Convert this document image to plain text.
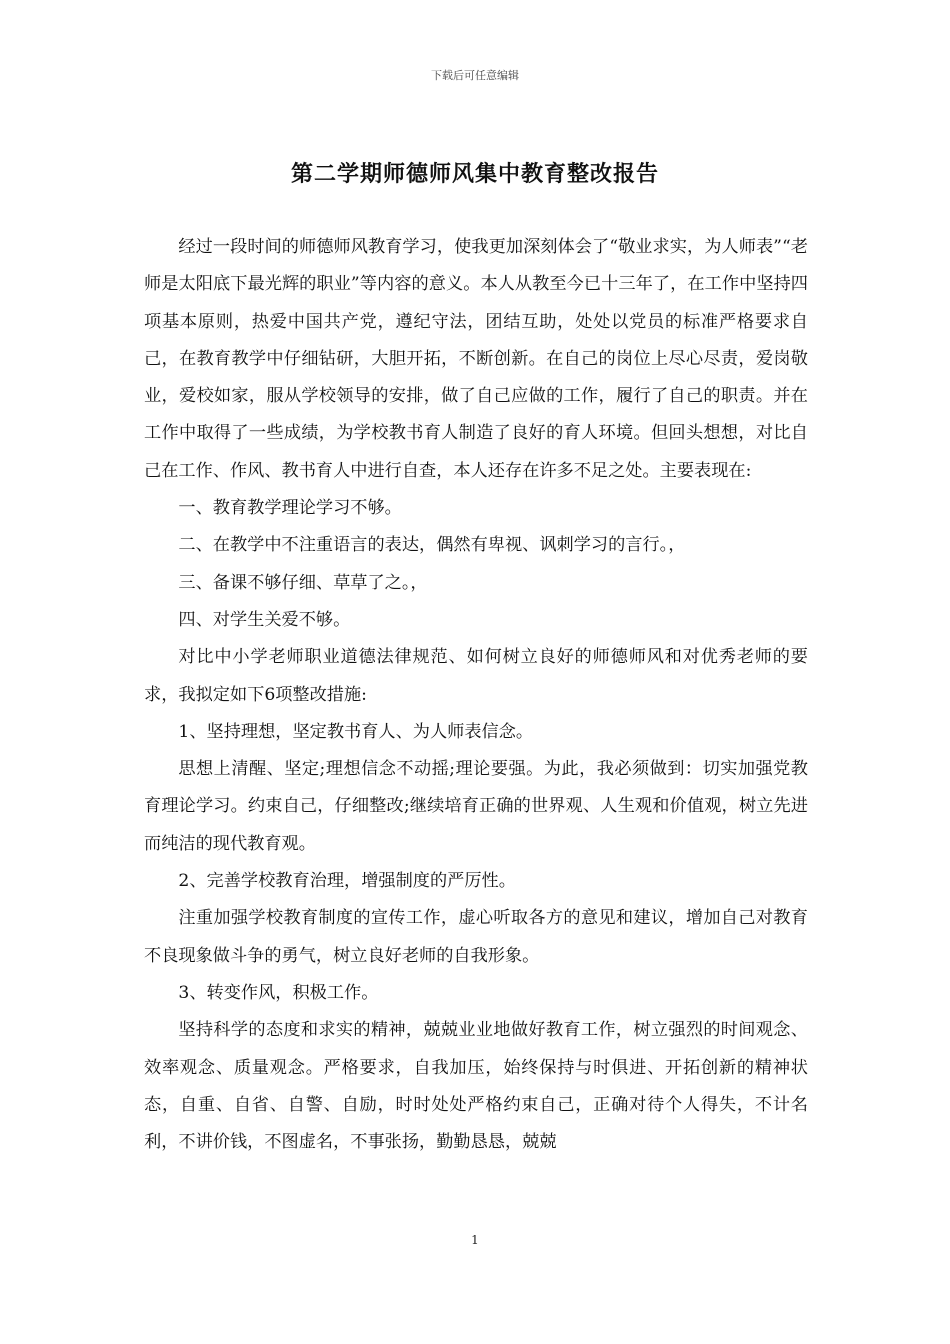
下载后可任意编辑
第二学期师德师风集中教育整改报告

经过一段时间的师德师风教育学习，使我更加深刻体会了“敬业求实，为人师表”“老师是太阳底下最光辉的职业”等内容的意义。本人从教至今已十三年了，在工作中坚持四项基本原则，热爱中国共产党，遵纪守法，团结互助，处处以党员的标准严格要求自己，在教育教学中仔细钻研，大胆开拓，不断创新。在自己的岗位上尽心尽责，爱岗敬业，爱校如家，服从学校领导的安排，做了自己应做的工作，履行了自己的职责。并在工作中取得了一些成绩，为学校教书育人制造了良好的育人环境。但回头想想，对比自己在工作、作风、教书育人中进行自查，本人还存在许多不足之处。主要表现在:

一、教育教学理论学习不够。

二、在教学中不注重语言的表达，偶然有卑视、讽刺学习的言行。，

三、备课不够仔细、草草了之。，

四、对学生关爱不够。

对比中小学老师职业道德法律规范、如何树立良好的师德师风和对优秀老师的要求，我拟定如下6项整改措施:

1、坚持理想，坚定教书育人、为人师表信念。

思想上清醒、坚定;理想信念不动摇;理论要强。为此，我必须做到：切实加强党教育理论学习。约束自己，仔细整改;继续培育正确的世界观、人生观和价值观，树立先进而纯洁的现代教育观。

2、完善学校教育治理，增强制度的严厉性。

注重加强学校教育制度的宣传工作，虚心听取各方的意见和建议，增加自己对教育不良现象做斗争的勇气，树立良好老师的自我形象。

3、转变作风，积极工作。

坚持科学的态度和求实的精神，兢兢业业地做好教育工作，树立强烈的时间观念、效率观念、质量观念。严格要求，自我加压，始终保持与时俱进、开拓创新的精神状态，自重、自省、自警、自励，时时处处严格约束自己，正确对待个人得失，不计名利，不讲价钱，不图虚名，不事张扬，勤勤恳恳，兢兢

1
